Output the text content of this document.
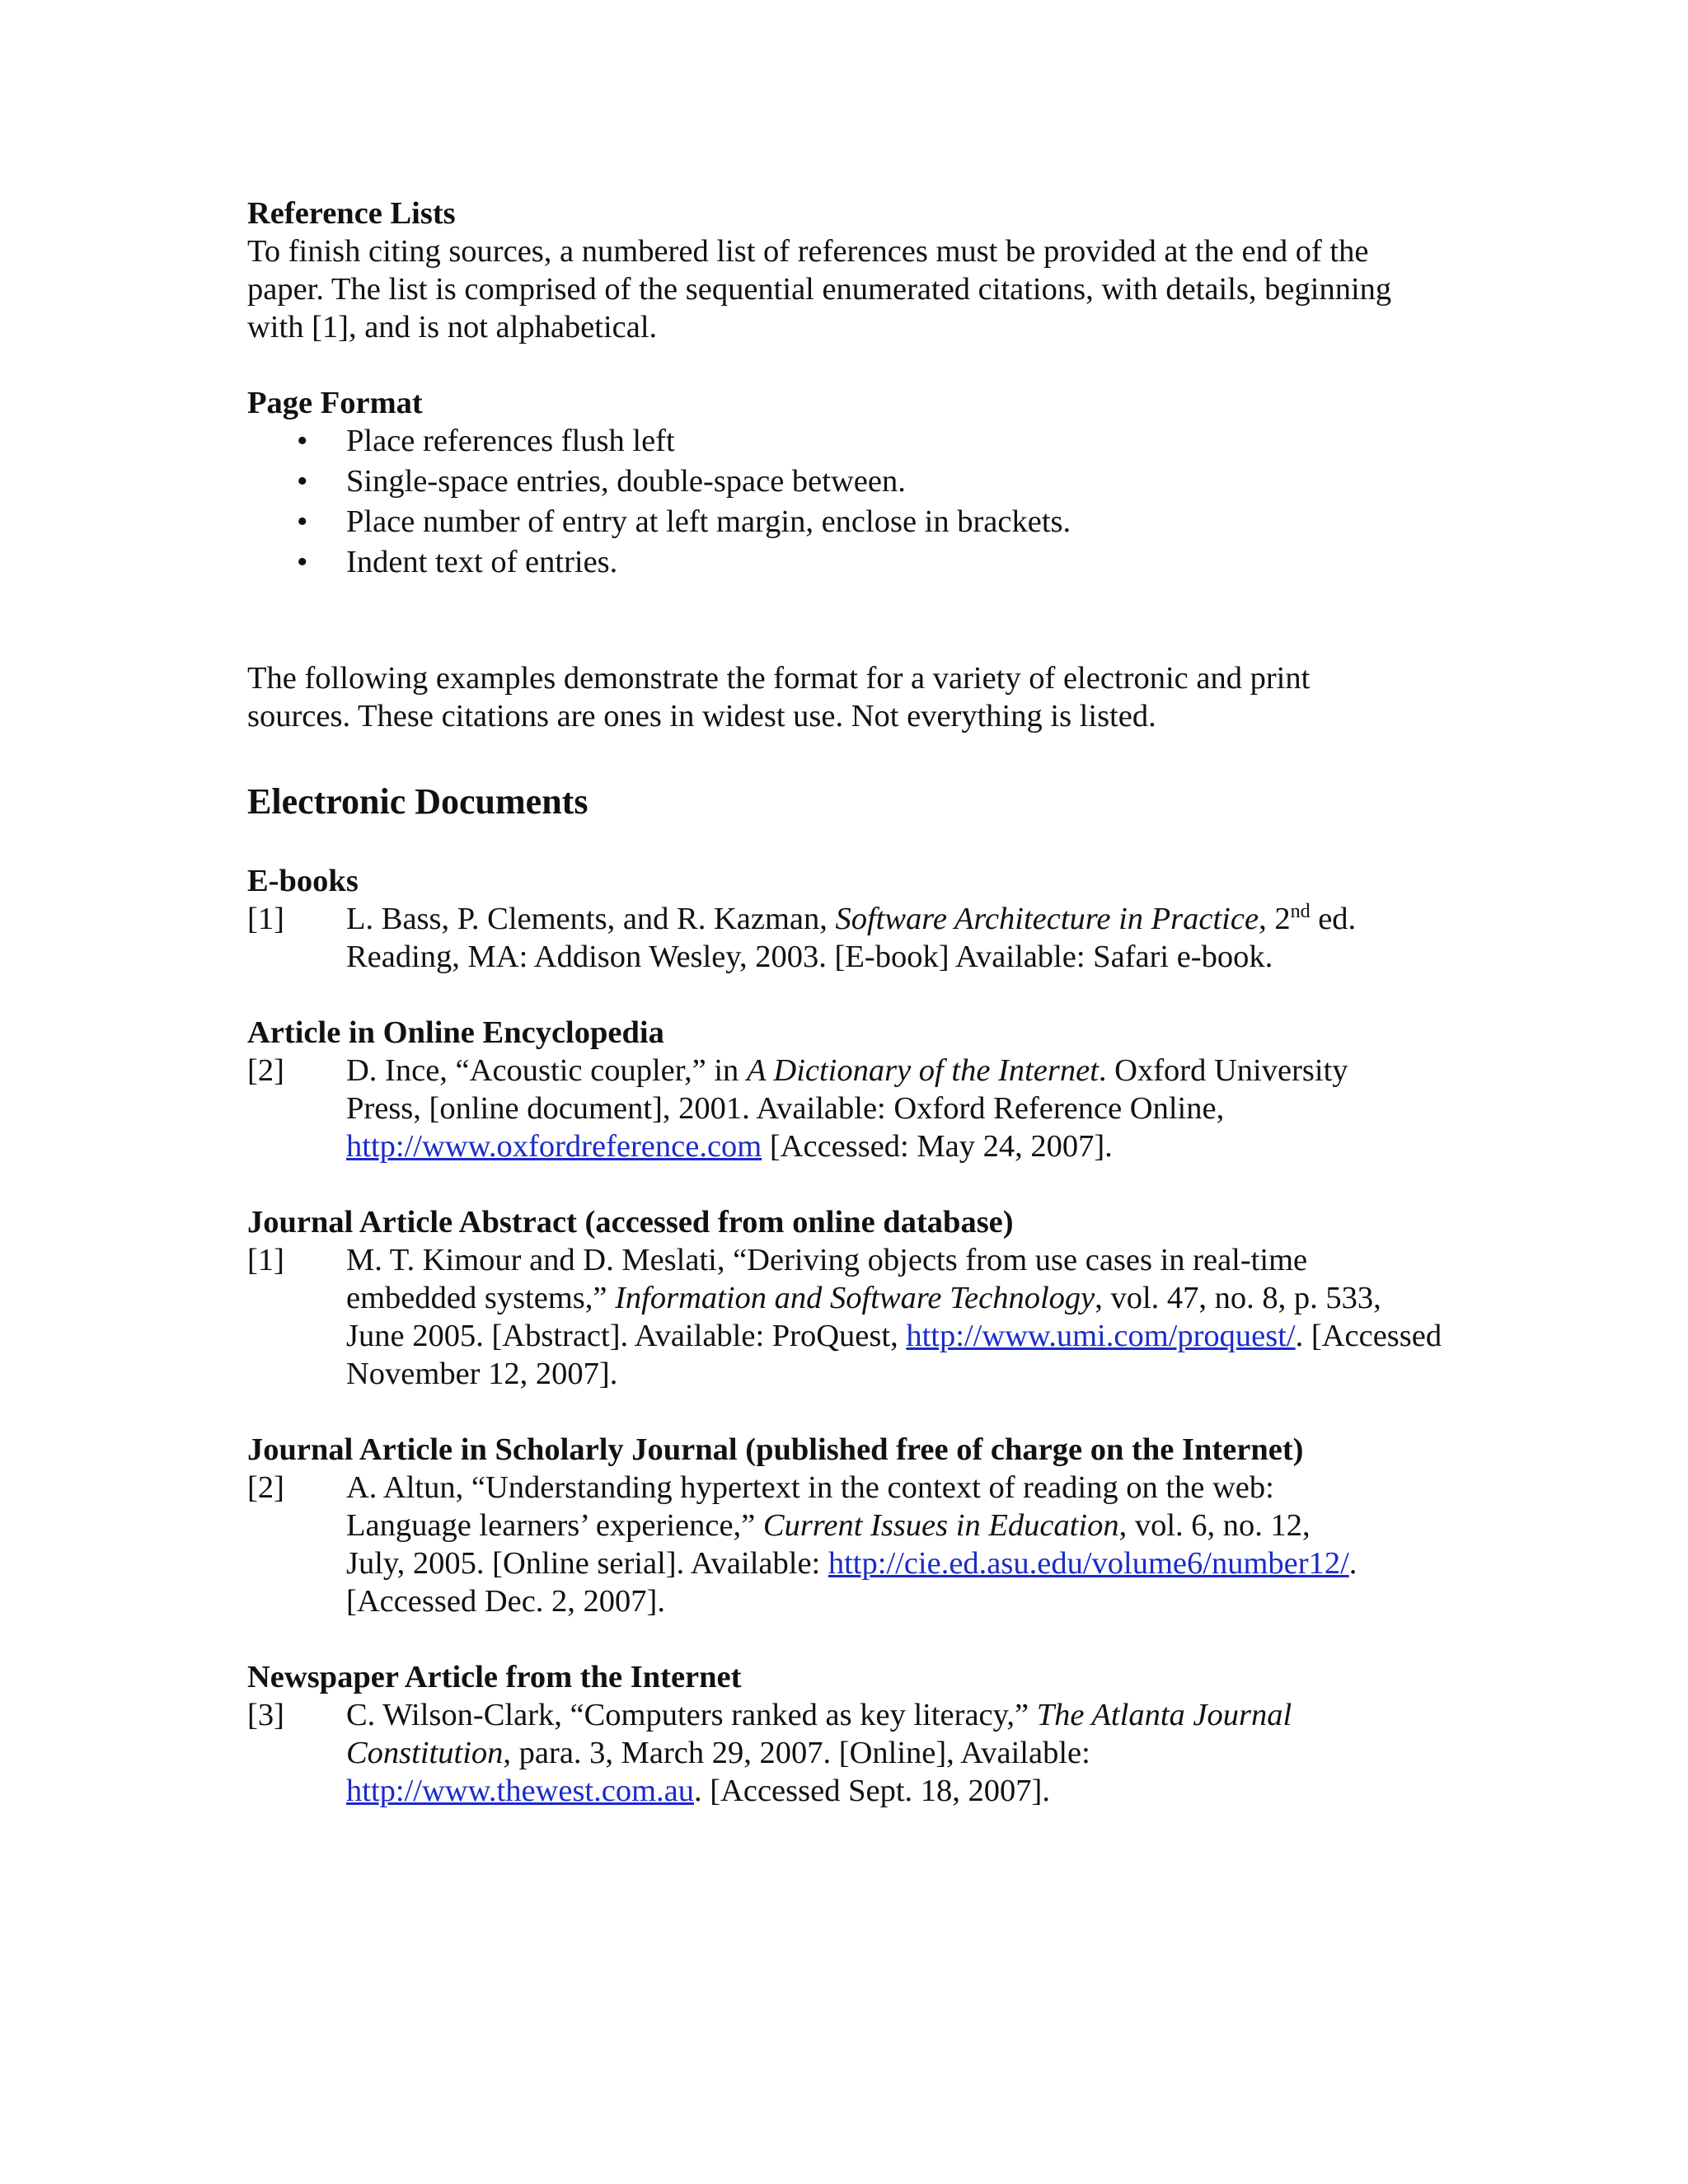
Reference Lists

To finish citing sources, a numbered list of references must be provided at the end of the paper. The list is comprised of the sequential enumerated citations, with details, beginning with [1], and is not alphabetical.

Page Format

• Place references flush left
• Single-space entries, double-space between.
• Place number of entry at left margin, enclose in brackets.
• Indent text of entries.

The following examples demonstrate the format for a variety of electronic and print sources. These citations are ones in widest use. Not everything is listed.

Electronic Documents

E-books

[1] L. Bass, P. Clements, and R. Kazman, Software Architecture in Practice, 2nd ed. Reading, MA: Addison Wesley, 2003. [E-book] Available: Safari e-book.

Article in Online Encyclopedia

[2] D. Ince, “Acoustic coupler,” in A Dictionary of the Internet. Oxford University Press, [online document], 2001. Available: Oxford Reference Online, http://www.oxfordreference.com [Accessed: May 24, 2007].

Journal Article Abstract (accessed from online database)

[1] M. T. Kimour and D. Meslati, “Deriving objects from use cases in real-time embedded systems,” Information and Software Technology, vol. 47, no. 8, p. 533, June 2005. [Abstract]. Available: ProQuest, http://www.umi.com/proquest/. [Accessed November 12, 2007].

Journal Article in Scholarly Journal (published free of charge on the Internet)

[2] A. Altun, “Understanding hypertext in the context of reading on the web: Language learners’ experience,” Current Issues in Education, vol. 6, no. 12, July, 2005. [Online serial]. Available: http://cie.ed.asu.edu/volume6/number12/. [Accessed Dec. 2, 2007].

Newspaper Article from the Internet

[3] C. Wilson-Clark, “Computers ranked as key literacy,” The Atlanta Journal Constitution, para. 3, March 29, 2007. [Online], Available: http://www.thewest.com.au. [Accessed Sept. 18, 2007].
